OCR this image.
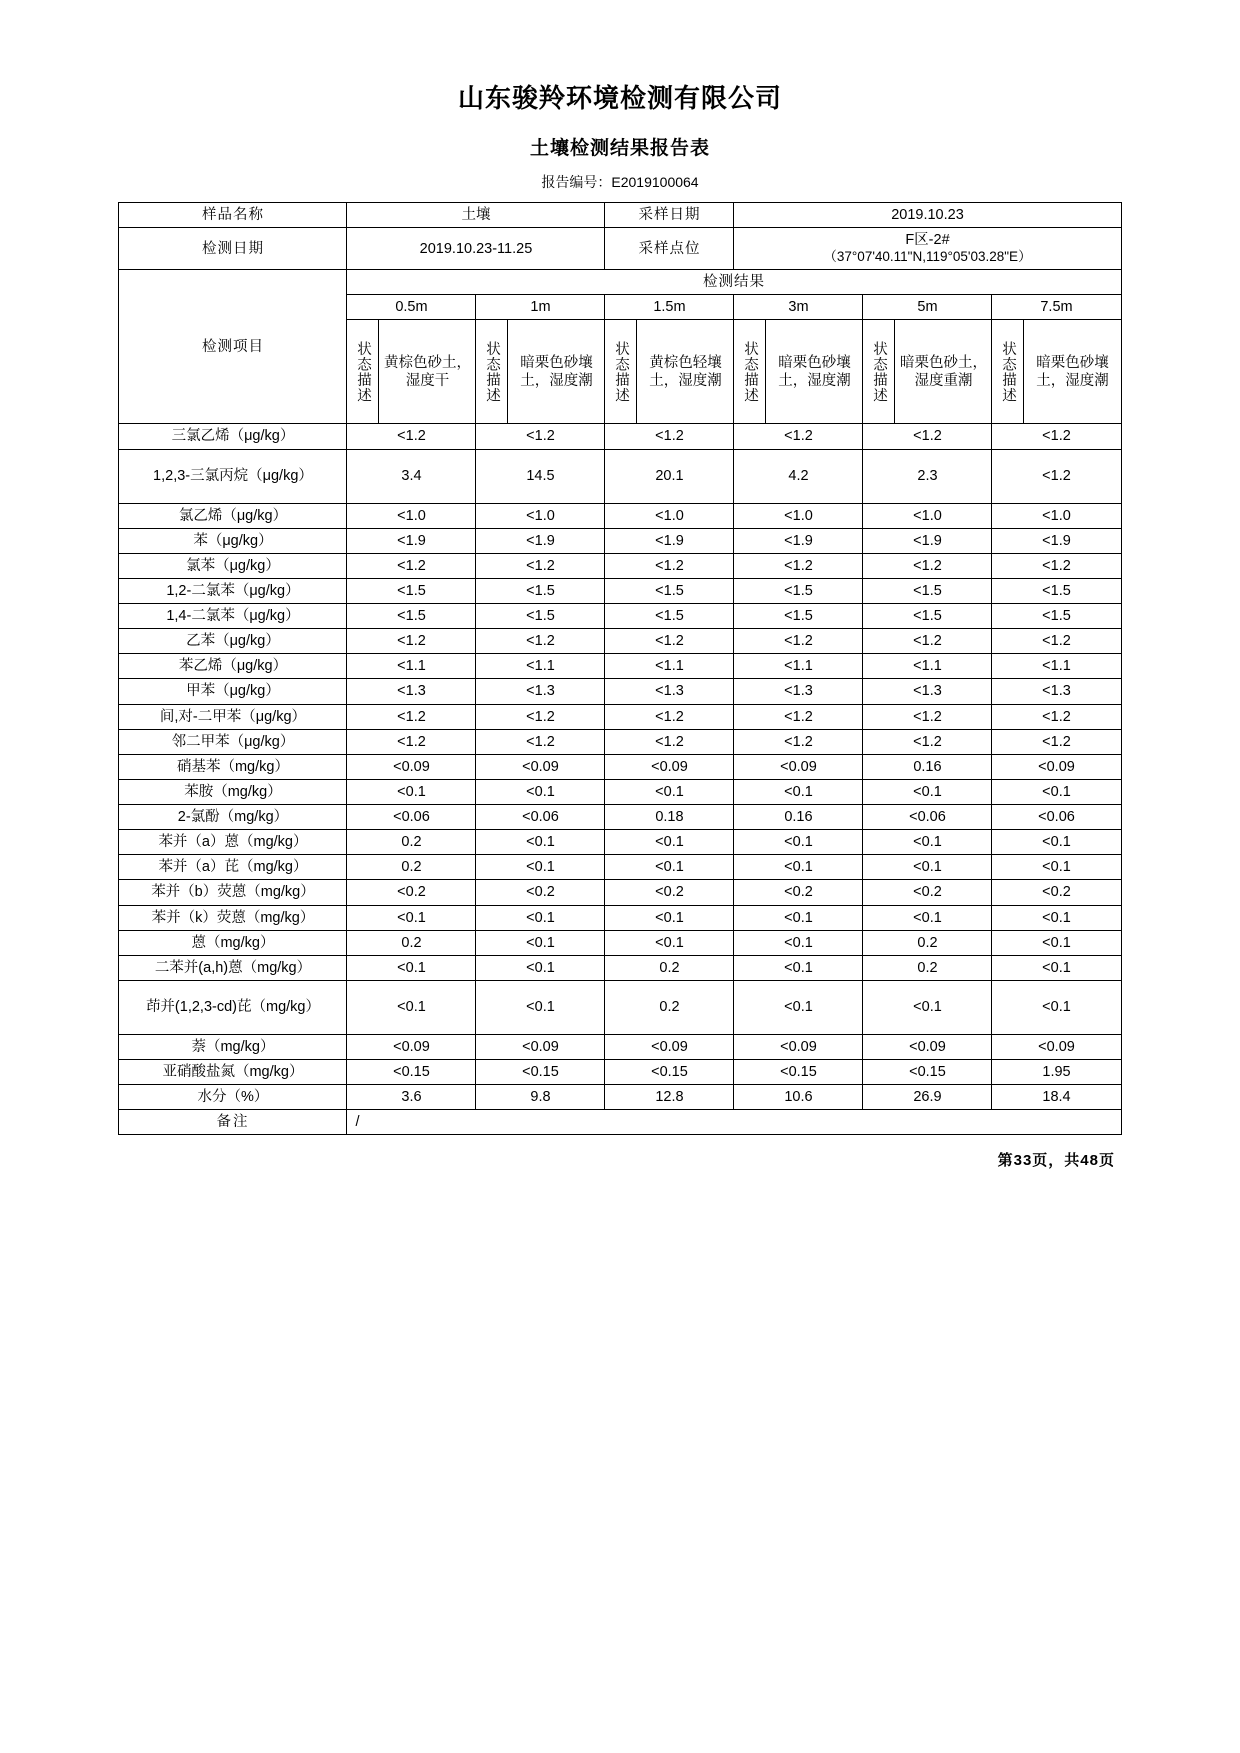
山东骏羚环境检测有限公司
土壤检测结果报告表
报告编号：E2019100064
样品名称	土壤				采样日期		2019.10.23					
检测日期	2019.10.23-11.25				采样点位		F区-2#
（37°07'40.11"N,119°05'03.28"E）					

检测项目	检测结果											
	0.5m		1m		1.5m		3m		5m		7.5m	
	状态描述	黄棕色砂土，湿度干	状态描述	暗栗色砂壤土，湿度潮	状态描述	黄棕色轻壤土，湿度潮	状态描述	暗栗色砂壤土，湿度潮	状态描述	暗栗色砂土，湿度重潮	状态描述	暗栗色砂壤土，湿度潮
三氯乙烯（μg/kg）	<1.2		<1.2		<1.2		<1.2		<1.2		<1.2	
1,2,3-三氯丙烷（μg/kg）	3.4		14.5		20.1		4.2		2.3		<1.2	
氯乙烯（μg/kg）	<1.0		<1.0		<1.0		<1.0		<1.0		<1.0	
苯（μg/kg）	<1.9		<1.9		<1.9		<1.9		<1.9		<1.9	
氯苯（μg/kg）	<1.2		<1.2		<1.2		<1.2		<1.2		<1.2	
1,2-二氯苯（μg/kg）	<1.5		<1.5		<1.5		<1.5		<1.5		<1.5	
1,4-二氯苯（μg/kg）	<1.5		<1.5		<1.5		<1.5		<1.5		<1.5	
乙苯（μg/kg）	<1.2		<1.2		<1.2		<1.2		<1.2		<1.2	
苯乙烯（μg/kg）	<1.1		<1.1		<1.1		<1.1		<1.1		<1.1	
甲苯（μg/kg）	<1.3		<1.3		<1.3		<1.3		<1.3		<1.3	
间,对-二甲苯（μg/kg）	<1.2		<1.2		<1.2		<1.2		<1.2		<1.2	
邻二甲苯（μg/kg）	<1.2		<1.2		<1.2		<1.2		<1.2		<1.2	
硝基苯（mg/kg）	<0.09		<0.09		<0.09		<0.09		0.16		<0.09	
苯胺（mg/kg）	<0.1		<0.1		<0.1		<0.1		<0.1		<0.1	
2-氯酚（mg/kg）	<0.06		<0.06		0.18		0.16		<0.06		<0.06	
苯并（a）蒽（mg/kg）	0.2		<0.1		<0.1		<0.1		<0.1		<0.1	
苯并（a）芘（mg/kg）	0.2		<0.1		<0.1		<0.1		<0.1		<0.1	
苯并（b）荧蒽（mg/kg）	<0.2		<0.2		<0.2		<0.2		<0.2		<0.2	
苯并（k）荧蒽（mg/kg）	<0.1		<0.1		<0.1		<0.1		<0.1		<0.1	
蒽（mg/kg）	0.2		<0.1		<0.1		<0.1		0.2		<0.1	
二苯并(a,h)蒽（mg/kg）	<0.1		<0.1		0.2		<0.1		0.2		<0.1	
茚并(1,2,3-cd)芘（mg/kg）	<0.1		<0.1		0.2		<0.1		<0.1		<0.1	
萘（mg/kg）	<0.09		<0.09		<0.09		<0.09		<0.09		<0.09	
亚硝酸盐氮（mg/kg）	<0.15		<0.15		<0.15		<0.15		<0.15		1.95	
水分（%）	3.6		9.8		12.8		10.6		26.9		18.4	
备注	/											
第33页，共48页
